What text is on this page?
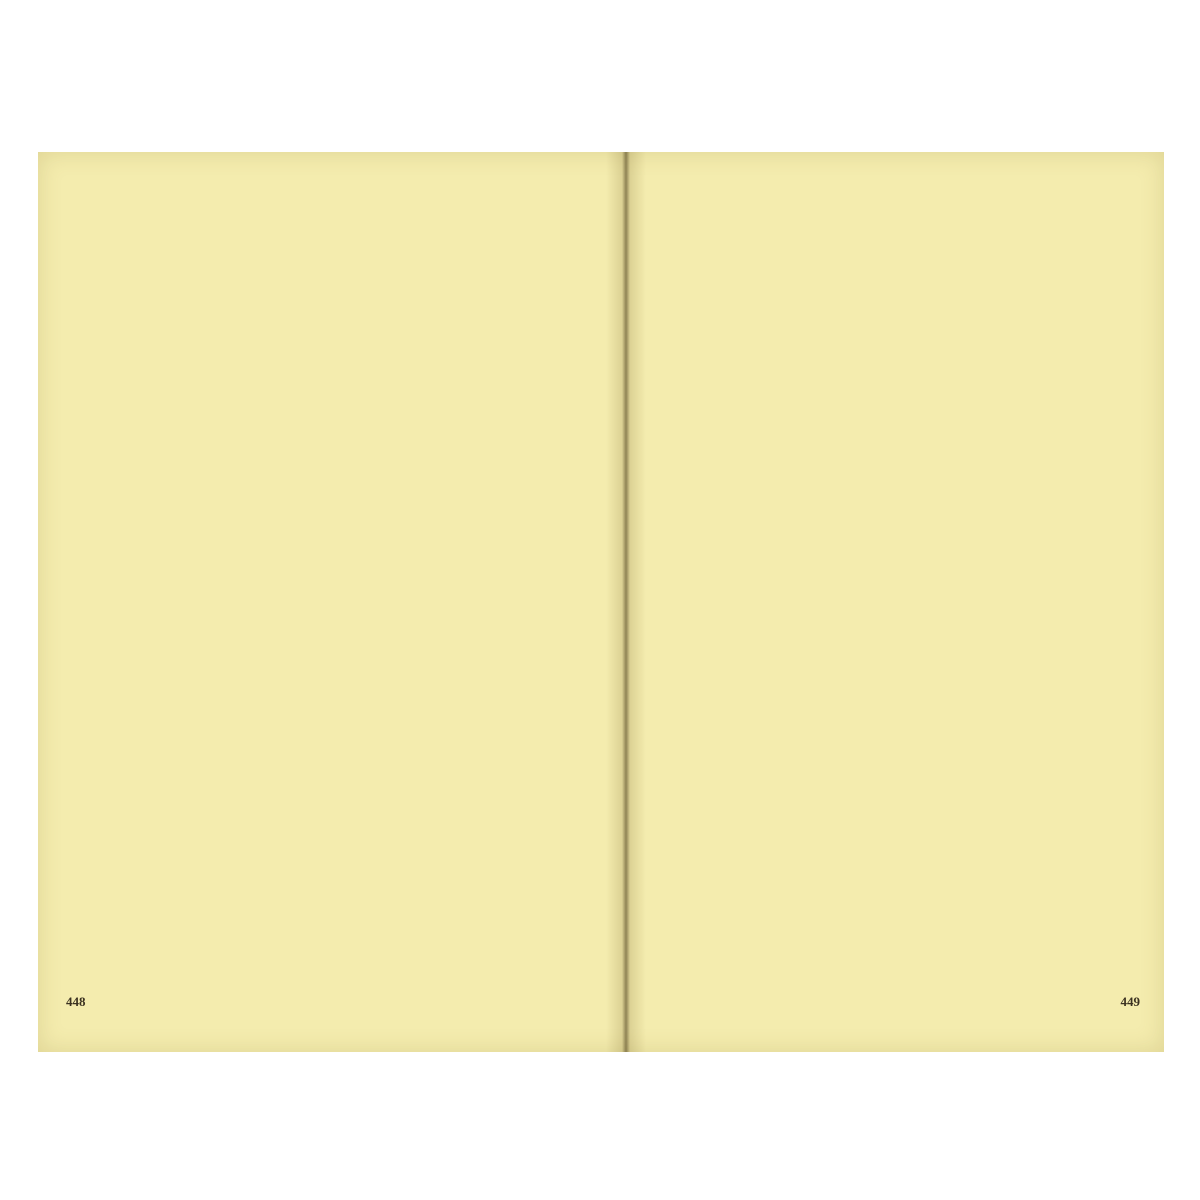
448	449
